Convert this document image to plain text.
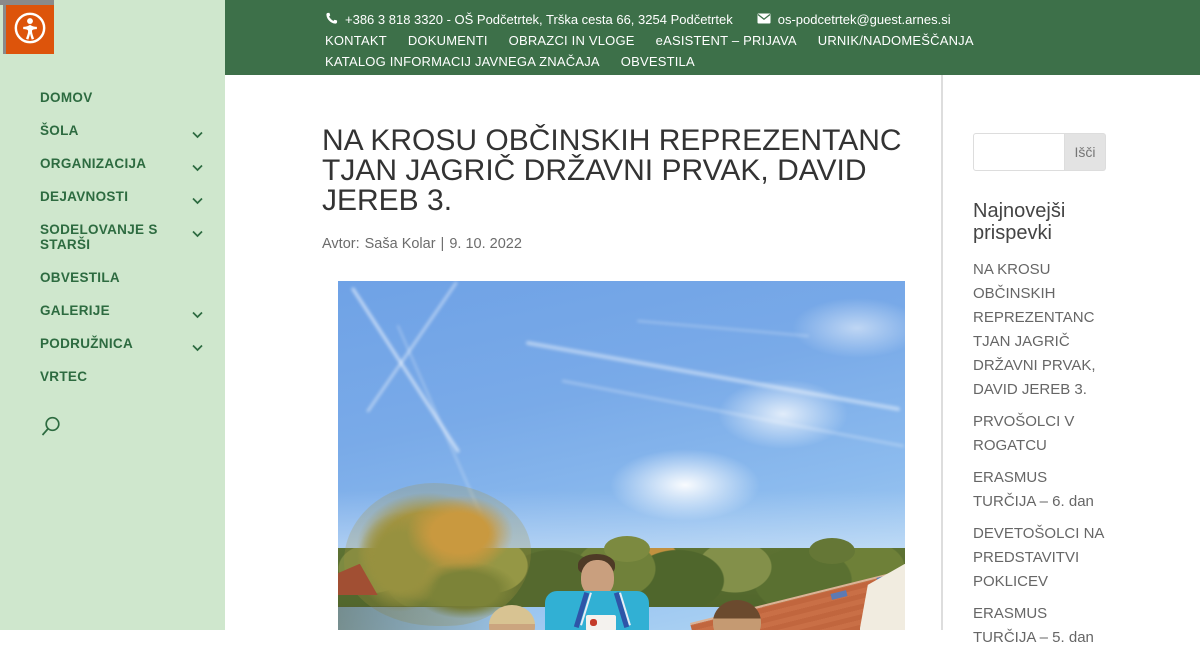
DOMOV
ŠOLA
ORGANIZACIJA
DEJAVNOSTI
SODELOVANJE S STARŠI
OBVESTILA
GALERIJE
PODRUŽNICA
VRTEC
+386 3 818 3320 - OŠ Podčetrtek, Trška cesta 66, 3254 Podčetrtek	os-podcetrtek@guest.arnes.si
KONTAKT DOKUMENTI OBRAZCI IN VLOGE eASISTENT – PRIJAVA URNIK/NADOMEŠČANJA
KATALOG INFORMACIJ JAVNEGA ZNAČAJA OBVESTILA
NA KROSU OBČINSKIH REPREZENTANC TJAN JAGRIČ DRŽAVNI PRVAK, DAVID JEREB 3.
Avtor: Saša Kolar | 9. 10. 2022
Išči
Najnovejši prispevki
NA KROSU OBČINSKIH REPREZENTANC TJAN JAGRIČ DRŽAVNI PRVAK, DAVID JEREB 3.
PRVOŠOLCI V ROGATCU
ERASMUS TURČIJA – 6. dan
DEVETOŠOLCI NA PREDSTAVITVI POKLICEV
ERASMUS TURČIJA – 5. dan
